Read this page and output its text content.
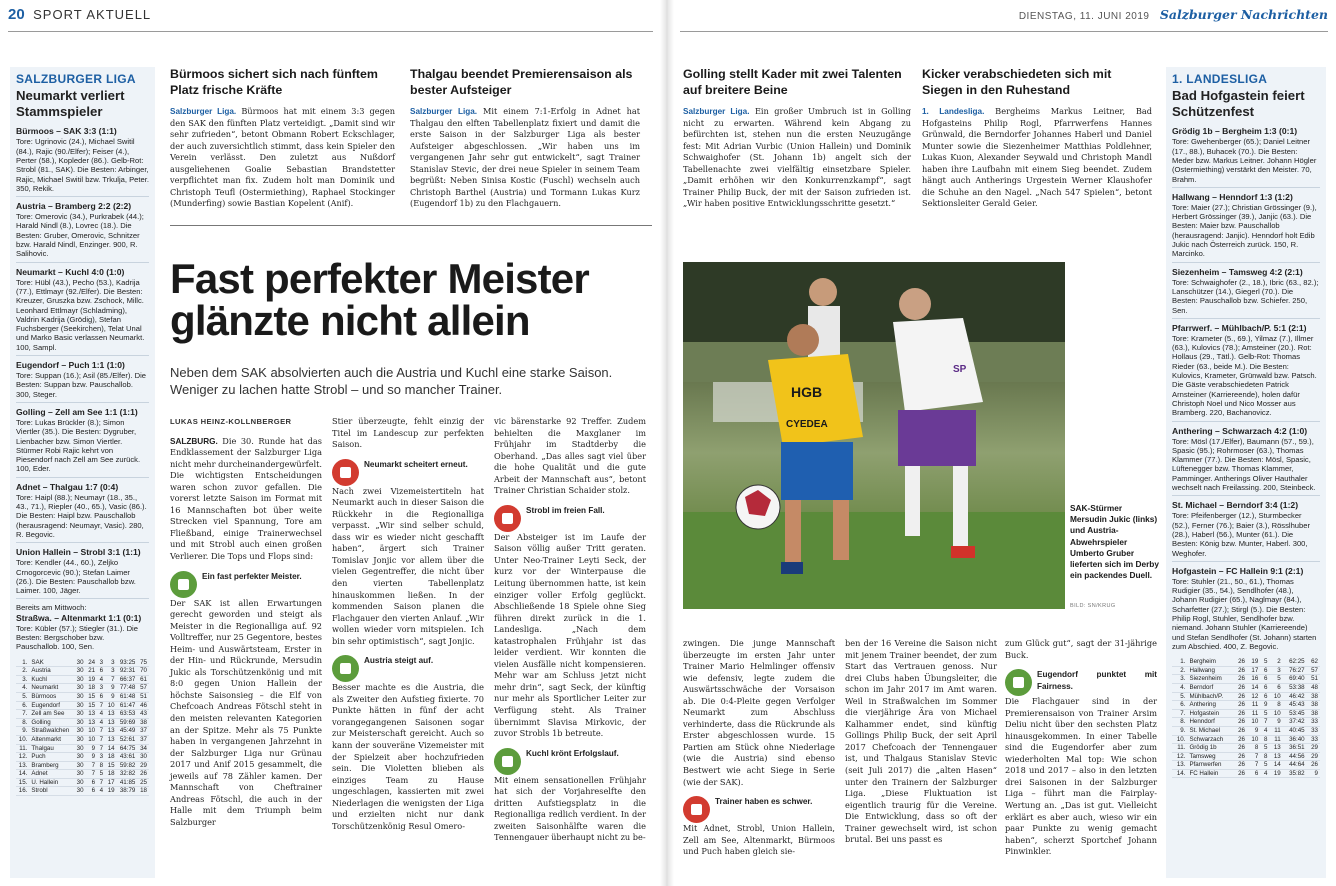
20 SPORT AKTUELL	DIENSTAG, 11. JUNI 2019 Salzburger Nachrichten
SALZBURGER LIGA
Neumarkt verliert Stammspieler
Bürmoos – SAK 3:3 (1:1)

Tore: Ugrinovic (24.), Michael Switil (84.), Rajic (90./Elfer); Feiser (4.), Perter (58.), Kopleder (86.). Gelb-Rot: Strobl (81., SAK). Die Besten: Arbinger, Rajic, Michael Switil bzw. Trkulja, Peter. 350, Rekik.

Austria – Bramberg 2:2 (2:2)

Tore: Omerovic (34.), Purkrabek (44.); Harald Nindl (8.), Lovrec (18.). Die Besten: Gruber, Omerovic, Schnitzer bzw. Harald Nindl, Enzinger. 900, R. Salihovic.

Neumarkt – Kuchl 4:0 (1:0)

Tore: Hübl (43.), Pecho (53.), Kadrija (77.), Ettlmayr (92./Elfer). Die Besten: Kreuzer, Gruszka bzw. Zschock, Millc. Leonhard Ettlmayr (Schladming), Valdrin Kadrija (Grödig), Stefan Fuchsberger (Seekirchen), Telat Unal und Marko Basic verlassen Neumarkt. 100, Sampl.

Eugendorf – Puch 1:1 (1:0)

Tore: Suppan (16.); Asil (85./Elfer). Die Besten: Suppan bzw. Pauschallob. 300, Steger.

Golling – Zell am See 1:1 (1:1)

Tore: Lukas Brückler (8.); Simon Viertler (35.). Die Besten: Dygruber, Lienbacher bzw. Simon Viertler. Stürmer Robi Rajic kehrt von Piesendorf nach Zell am See zurück. 100, Eder.

Adnet – Thalgau 1:7 (0:4)

Tore: Haipl (88.); Neumayr (18., 35., 43., 71.), Riepler (40., 65.), Vasic (86.). Die Besten: Haipl bzw. Pauschallob (herausragend: Neumayr, Vasic). 280, R. Begovic.

Union Hallein – Strobl 3:1 (1:1)

Tore: Kendler (44., 60.), Zeljko Crnogorcevic (90.); Stefan Laimer (26.). Die Besten: Pauschallob bzw. Laimer. 100, Jäger.

Bereits am Mittwoch:

Straßwa. – Altenmarkt 1:1 (0:1)

Tore: Kübler (57.); Stiegler (31.). Die Besten: Bergschober bzw. Pauschallob. 100, Sen.

1.	SAK	30	24	3	3	93:25	75
2.	Austria	30	21	6	3	92:31	70
3.	Kuchl	30	19	4	7	66:37	61
4.	Neumarkt	30	18	3	9	77:48	57
5.	Bürmoos	30	15	6	9	61:48	51
6.	Eugendorf	30	15	7	10	61:47	46
7.	Zell am See	30	13	4	13	63:53	43
8.	Golling	30	13	4	13	59:69	38
9.	Straßwalchen	30	10	7	13	45:49	37
10.	Altenmarkt	30	10	7	13	52:61	37
11.	Thalgau	30	9	7	14	64:75	34
12.	Puch	30	9	3	18	43:61	30
13.	Bramberg	30	7	8	15	59:82	29
14.	Adnet	30	7	5	18	32:82	26
15.	U. Hallein	30	6	7	17	41:85	25
16.	Strobl	30	6	4	19	38:79	18
Bürmoos sichert sich nach fünftem Platz frische Kräfte
Salzburger Liga. Bürmoos hat mit einem 3:3 gegen den SAK den fünften Platz verteidigt. „Damit sind wir sehr zufrieden“, betont Obmann Robert Eckschlager, der auch zuversichtlich stimmt, dass kein Spieler den Verein verlässt. Den zuletzt aus Nußdorf ausgeliehenen Goalie Sebastian Brandstetter verpflichtet man fix. Zudem holt man Dominik und Christoph Teufl (Ostermiething), Raphael Stockinger (Munderfing) sowie Bastian Kopelent (Anif).
Thalgau beendet Premierensaison als bester Aufsteiger
Salzburger Liga. Mit einem 7:1-Erfolg in Adnet hat Thalgau den elften Tabellenplatz fixiert und damit die erste Saison in der Salzburger Liga als bester Aufsteiger abgeschlossen. „Wir haben uns im vergangenen Jahr sehr gut entwickelt“, sagt Trainer Stanislav Stevic, der drei neue Spieler in seinem Team begrüßt: Neben Sinisa Kostic (Fuschl) wechseln auch Christoph Barthel (Austria) und Tormann Lukas Kurz (Eugendorf 1b) zu den Flachgauern.
Fast perfekter Meister
glänzte nicht allein
Neben dem SAK absolvierten auch die Austria und Kuchl eine starke Saison. Weniger zu lachen hatte Strobl – und so mancher Trainer.
LUKAS HEINZ-KOLLNBERGER

SALZBURG. Die 30. Runde hat das Endklassement der Salzburger Liga nicht mehr durcheinandergewürfelt. Die wichtigsten Entscheidungen waren schon zuvor gefallen. Die vorerst letzte Saison im Format mit 16 Mannschaften bot über weite Strecken viel Spannung, Tore am Fließband, einige Trainerwechsel und mit Strobl auch einen großen Verlierer. Die Tops und Flops sind:

Ein fast perfekter Meister.

Der SAK ist allen Erwartungen gerecht geworden und steigt als Meister in die Regionalliga auf. 92 Volltreffer, nur 25 Gegentore, bestes Heim- und Auswärtsteam, Erster in der Hin- und Rückrunde, Mersudin Jukic als Torschützenkönig und mit 8:0 gegen Union Hallein der höchste Saisonsieg – die Elf von Chefcoach Andreas Fötschl steht in den meisten relevanten Kategorien an der Spitze. Mehr als 75 Punkte haben in vergangenen Jahrzehnt in der Salzburger Liga nur Grünau 2017 und Anif 2015 gesammelt, die jeweils auf 78 Zähler kamen. Der Mannschaft von Cheftrainer Andreas Fötschl, die auch in der Halle mit dem Triumph beim Salzburger

Stier überzeugte, fehlt einzig der Titel im Landescup zur perfekten Saison.

Neumarkt scheitert erneut.

Nach zwei Vizemeistertiteln hat Neumarkt auch in dieser Saison die Rückkehr in die Regionalliga verpasst. „Wir sind selber schuld, dass wir es wieder nicht geschafft haben“, ärgert sich Trainer Tomislav Jonjic vor allem über die vielen Gegentreffer, die nicht über den vierten Tabellenplatz hinauskommen ließen. In der kommenden Saison planen die Flachgauer den vierten Anlauf. „Wir wollen wieder vorn mitspielen. Ich bin sehr optimistisch“, sagt Jonjic.

Austria steigt auf.

Besser machte es die Austria, die als Zweiter den Aufstieg fixierte. 70 Punkte hätten in fünf der acht vorangegangenen Saisonen sogar zur Meisterschaft gereicht. Auch so kann der souveräne Vizemeister mit der Spielzeit aber hochzufrieden sein. Die Violetten blieben als einziges Team zu Hause ungeschlagen, kassierten mit zwei Niederlagen die wenigsten der Liga und erzielten nicht nur dank Torschützenkönig Resul Omero-

vic bärenstarke 92 Treffer. Zudem behielten die Maxglaner im Frühjahr im Stadtderby die Oberhand. „Das alles sagt viel über die hohe Qualität und die gute Arbeit der Mannschaft aus“, betont Trainer Christian Schaider stolz.

Strobl im freien Fall.

Der Absteiger ist im Laufe der Saison völlig außer Tritt geraten. Unter Neo-Trainer Leyti Seck, der kurz vor der Winterpause die Leitung übernommen hatte, ist kein einziger voller Erfolg geglückt. Abschließende 18 Spiele ohne Sieg führen direkt zurück in die 1. Landesliga. „Nach dem katastrophalen Frühjahr ist das leider verdient. Wir konnten die vielen Ausfälle nicht kompensieren. Mehr war am Schluss jetzt nicht mehr drin“, sagt Seck, der künftig nur mehr als Sportlicher Leiter zur Verfügung steht. Als Trainer übernimmt Slavisa Mirkovic, der zuvor Strobls 1b betreute.

Kuchl krönt Erfolgslauf.

Mit einem sensationellen Frühjahr hat sich der Vorjahreselfte den dritten Aufstiegsplatz in die Regionalliga redlich verdient. In der zweiten Saisonhälfte waren die Tennengauer überhaupt nicht zu be-

Golling stellt Kader mit zwei Talenten auf breitere Beine
Salzburger Liga. Ein großer Umbruch ist in Golling nicht zu erwarten. Während kein Abgang zu befürchten ist, stehen nun die ersten Neuzugänge fest: Mit Adrian Vurbic (Union Hallein) und Dominik Schwaighofer (St. Johann 1b) angelt sich der Tabellenachte zwei vielfältig einsetzbare Spieler. „Damit erhöhen wir den Konkurrenzkampf“, sagt Trainer Philip Buck, der mit der Saison zufrieden ist. „Wir haben positive Entwicklungsschritte gesetzt.“
Kicker verabschiedeten sich mit Siegen in den Ruhestand
1. Landesliga. Bergheims Markus Leitner, Bad Hofgasteins Philip Rogl, Pfarrwerfens Hannes Grünwald, die Berndorfer Johannes Haberl und Daniel Munter sowie die Siezenheimer Matthias Poldlehner, Lukas Kuon, Alexander Seywald und Christoph Mandl haben ihre Laufbahn mit einem Sieg beendet. Zudem hängt auch Antherings Urgestein Werner Klaushofer die Schuhe an den Nagel. „Nach 547 Spielen“, betont Sektionsleiter Gerald Geier.
HGB
CYEDEA
SP
SAK-Stürmer Mersudin Jukic (links) und Austria-Abwehrspieler Umberto Gruber lieferten sich im Derby ein packendes Duell.
BILD: SN/KRUG

zwingen. Die junge Mannschaft überzeugte im ersten Jahr unter Trainer Mario Helmlinger offensiv wie defensiv, legte zudem die Auswärtsschwäche der Vorsaison ab. Die 0:4-Pleite gegen Verfolger Neumarkt zum Abschluss verhinderte, dass die Rückrunde als Erster abgeschlossen wurde. 15 Partien am Stück ohne Niederlage (wie die Austria) sind ebenso Bestwert wie acht Siege in Serie (wie der SAK).

Trainer haben es schwer.

Mit Adnet, Strobl, Union Hallein, Zell am See, Altenmarkt, Bürmoos und Puch haben gleich sie-

ben der 16 Vereine die Saison nicht mit jenem Trainer beendet, der zum Start das Vertrauen genoss. Nur drei Clubs haben Übungsleiter, die schon im Jahr 2017 im Amt waren. Weil in Straßwalchen im Sommer die vierjährige Ära von Michael Kalhammer endet, sind künftig Gollings Philip Buck, der seit April 2017 Chefcoach der Tennengauer ist, und Thalgaus Stanislav Stevic (seit Juli 2017) die „alten Hasen“ unter den Trainern der Salzburger Liga. „Diese Fluktuation ist eigentlich traurig für die Vereine. Die Entwicklung, dass so oft der Trainer gewechselt wird, ist schon brutal. Bei uns passt es

zum Glück gut“, sagt der 31-jährige Buck.

Eugendorf punktet mit Fairness.

Die Flachgauer sind in der Premierensaison von Trainer Arsim Deliu nicht über den sechsten Platz hinausgekommen. In einer Tabelle sind die Eugendorfer aber zum wiederholten Mal top: Wie schon 2018 und 2017 – also in den letzten drei Saisonen in der Salzburger Liga – führt man die Fairplay-Wertung an. „Das ist gut. Vielleicht erklärt es aber auch, wieso wir ein paar Punkte zu wenig gemacht haben“, scherzt Sportchef Johann Pinwinkler.

1. LANDESLIGA
Bad Hofgastein feiert Schützenfest
Grödig 1b – Bergheim 1:3 (0:1)

Tore: Gwehenberger (65.); Daniel Leitner (17., 88.), Buhacek (70.). Die Besten: Meder bzw. Markus Leitner. Johann Högler (Ostermiething) verstärkt den Meister. 70, Brahm.

Hallwang – Henndorf 1:3 (1:2)

Tore: Maier (27.); Christian Grössinger (9.), Herbert Grössinger (39.), Janjic (63.). Die Besten: Maier bzw. Pauschallob (herausragend: Janjic). Henndorf holt Edib Jukic nach Österreich zurück. 150, R. Marcinko.

Siezenheim – Tamsweg 4:2 (2:1)

Tore: Schwaighofer (2., 18.), Ibric (63., 82.); Lanschützer (14.), Giegerl (70.). Die Besten: Pauschallob bzw. Schiefer. 250, Sen.

Pfarrwerf. – Mühlbach/P. 5:1 (2:1)

Tore: Krameter (5., 69.), Yilmaz (7.), Illmer (63.), Kulovics (78.); Amsteiner (20.). Rot: Hollaus (29., Tätl.). Gelb-Rot: Thomas Rieder (63., beide M.). Die Besten: Kulovics, Krameter, Grünwald bzw. Patsch. Die Gäste verabschiedeten Patrick Arnsteiner (Karriereende), holen dafür Christoph Noel und Nico Mosser aus Bramberg. 220, Bachanovicz.

Anthering – Schwarzach 4:2 (1:0)

Tore: Mösl (17./Elfer), Baumann (57., 59.), Spasic (95.); Rohrmoser (63.), Thomas Klammer (77.). Die Besten: Mösl, Spasic, Lüftenegger bzw. Thomas Klammer, Pamminger. Antherings Oliver Hauthaler wechselt nach Freilassing. 200, Steinbeck.

St. Michael – Berndorf 3:4 (1:2)

Tore: Pfeifenberger (12.), Sturmbecker (52.), Ferner (76.); Baier (3.), Rösslhuber (28.), Haberl (56.), Munter (61.). Die Besten: König bzw. Munter, Haberl. 300, Weghofer.

Hofgastein – FC Hallein 9:1 (2:1)

Tore: Stuhler (21., 50., 61.), Thomas Rudigier (35., 54.), Sendlhofer (48.), Johann Rudigier (65.), Naglmayr (84.), Scharfetter (27.); Stirgl (5.). Die Besten: Philip Rogl, Stuhler, Sendlhofer bzw. niemand. Johann Stuhler (Karriereende) und Stefan Sendlhofer (St. Johann) starten zum Abschied. 400, Z. Begovic.

1.	Bergheim	26	19	5	2	62:25	62
2.	Hallwang	26	17	6	3	76:27	57
3.	Siezenheim	26	16	6	5	69:40	51
4.	Berndorf	26	14	6	6	53:38	48
5.	Mühlbach/P.	26	12	6	10	46:42	38
6.	Anthering	26	11	9	8	45:43	38
7.	Hofgastein	26	11	5	10	53:45	38
8.	Henndorf	26	10	7	9	37:42	33
9.	St. Michael	26	9	4	11	40:45	33
10.	Schwarzach	26	10	8	11	36:40	33
11.	Grödig 1b	26	8	5	13	36:51	29
12.	Tamsweg	26	7	8	13	44:56	29
13.	Pfarrwerfen	26	7	5	14	44:64	26
14.	FC Hallein	26	6	4	19	35:82	9
